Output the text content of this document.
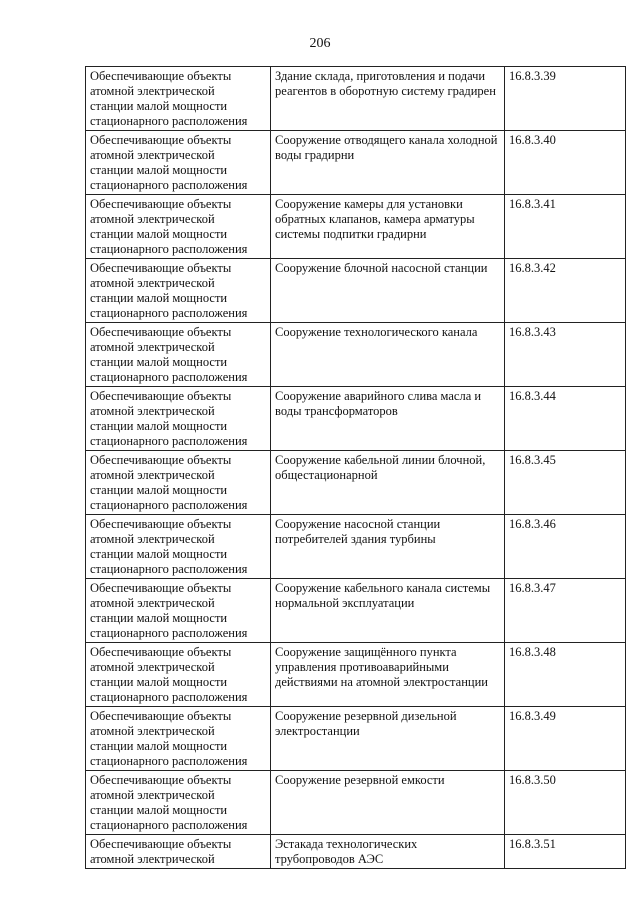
206
Обеспечивающие объекты
атомной электрической
станции малой мощности
стационарного расположения	Здание склада, приготовления и подачи реагентов в оборотную систему градирен	16.8.3.39
Обеспечивающие объекты
атомной электрической
станции малой мощности
стационарного расположения	Сооружение отводящего канала холодной воды градирни	16.8.3.40
Обеспечивающие объекты
атомной электрической
станции малой мощности
стационарного расположения	Сооружение камеры для установки обратных клапанов, камера арматуры системы подпитки градирни	16.8.3.41
Обеспечивающие объекты
атомной электрической
станции малой мощности
стационарного расположения	Сооружение блочной насосной станции	16.8.3.42
Обеспечивающие объекты
атомной электрической
станции малой мощности
стационарного расположения	Сооружение технологического канала	16.8.3.43
Обеспечивающие объекты
атомной электрической
станции малой мощности
стационарного расположения	Сооружение аварийного слива масла и воды трансформаторов	16.8.3.44
Обеспечивающие объекты
атомной электрической
станции малой мощности
стационарного расположения	Сооружение кабельной линии блочной, общестационарной	16.8.3.45
Обеспечивающие объекты
атомной электрической
станции малой мощности
стационарного расположения	Сооружение насосной станции потребителей здания турбины	16.8.3.46
Обеспечивающие объекты
атомной электрической
станции малой мощности
стационарного расположения	Сооружение кабельного канала системы нормальной эксплуатации	16.8.3.47
Обеспечивающие объекты
атомной электрической
станции малой мощности
стационарного расположения	Сооружение защищённого пункта управления противоаварийными действиями на атомной электростанции	16.8.3.48
Обеспечивающие объекты
атомной электрической
станции малой мощности
стационарного расположения	Сооружение резервной дизельной электростанции	16.8.3.49
Обеспечивающие объекты
атомной электрической
станции малой мощности
стационарного расположения	Сооружение резервной емкости	16.8.3.50
Обеспечивающие объекты
атомной электрической	Эстакада технологических трубопроводов АЭС	16.8.3.51
